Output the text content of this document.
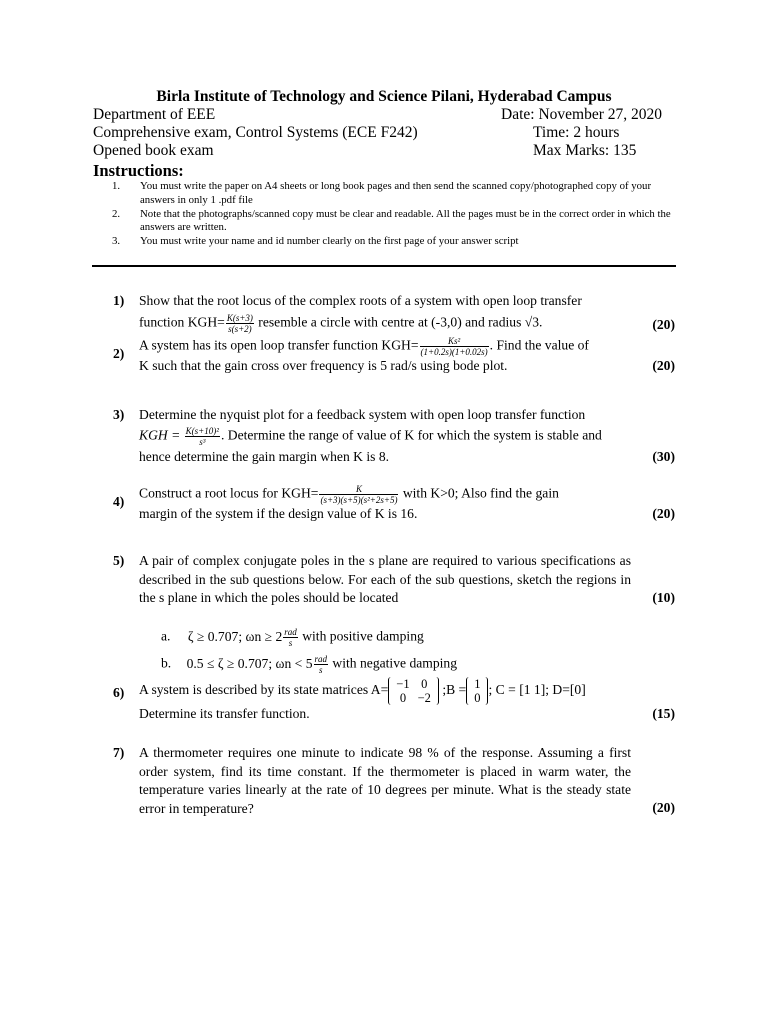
Birla Institute of Technology and Science Pilani, Hyderabad Campus
Department of EEE	Date: November 27, 2020
Comprehensive exam, Control Systems (ECE F242)	Time: 2 hours
Opened book exam	Max Marks: 135
Instructions:
1. You must write the paper on A4 sheets or long book pages and then send the scanned copy/photographed copy of your answers in only 1 .pdf file
2. Note that the photographs/scanned copy must be clear and readable. All the pages must be in the correct order in which the answers are written.
3. You must write your name and id number clearly on the first page of your answer script
1) Show that the root locus of the complex roots of a system with open loop transfer
function $KGH= \frac{K(s+3)}{s(s+2)}$ resemble a circle with centre at (-3,0) and radius √3.	(20)
2)
A system has its open loop transfer function $KGH= \frac{\text{Ks²}}{(1+0.2s)(1+0.02s)}$ . Find the value of
K such that the gain cross over frequency is 5 rad/s using bode plot.	(20)
3) Determine the nyquist plot for a feedback system with open loop transfer function
KGH = $\frac{\text{K(s+10)²}}{\text{s³}}$ . Determine the range of value of K for which the system is stable and
hence determine the gain margin when K is 8.	(30)
4)
Construct a root locus for $KGH= \frac{K}{\text{(s+3)(s+5)(s²+2s+5)}}$ with K>0; Also find the gain
margin of the system if the design value of K is 16.	(20)
5) A pair of complex conjugate poles in the s plane are required to various specifications as described in the sub questions below. For each of the sub questions, sketch the regions in the s plane in which the poles should be located	(10)
a. ζ ≥ 0.707; $\omega n \ge 2 \frac{\text{rad}}{s}$ with positive damping
b. 0.5 ≤ ζ ≥ 0.707; $\omega n < 5 \frac{\text{rad}}{s}$ with negative damping
6) A system is described by its state matrices A= −1	0
0	−2
;B = 1
0
; C = [1 1]; D=[0]
Determine its transfer function.	(15)
7) A thermometer requires one minute to indicate 98 % of the response. Assuming a first order system, find its time constant. If the thermometer is placed in warm water, the temperature varies linearly at the rate of 10 degrees per minute. What is the steady state error in temperature?	(20)
